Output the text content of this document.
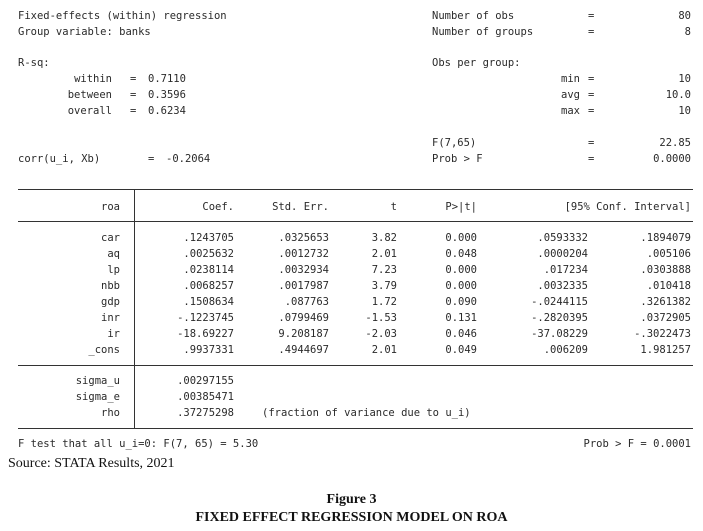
Fixed-effects (within) regression
Group variable: banks
Number of obs	=	80
Number of groups	=	8
R-sq:	Obs per group:
within = 0.7110
between = 0.3596
overall = 0.6234
min =	10
avg =	10.0
max =	10
F(7,65)	=	22.85
corr(u_i, Xb)	= -0.2064	Prob > F	=	0.0000
roa	Coef.	Std. Err.	t	P>|t|	[95% Conf. Interval]
car	.1243705	.0325653	3.82	0.000	.0593332	.1894079
aq	.0025632	.0012732	2.01	0.048	.0000204	.005106
lp	.0238114	.0032934	7.23	0.000	.017234	.0303888
nbb	.0068257	.0017987	3.79	0.000	.0032335	.010418
gdp	.1508634	.087763	1.72	0.090	-.0244115	.3261382
inr	-.1223745	.0799469	-1.53	0.131	-.2820395	.0372905
ir	-18.69227	9.208187	-2.03	0.046	-37.08229	-.3022473
_cons	.9937331	.4944697	2.01	0.049	.006209	1.981257
sigma_u	.00297155
sigma_e	.00385471
rho	.37275298	(fraction of variance due to u_i)
F test that all u_i=0: F(7, 65) = 5.30	Prob > F = 0.0001
Source: STATA Results, 2021
Figure 3
FIXED EFFECT REGRESSION MODEL ON ROA
